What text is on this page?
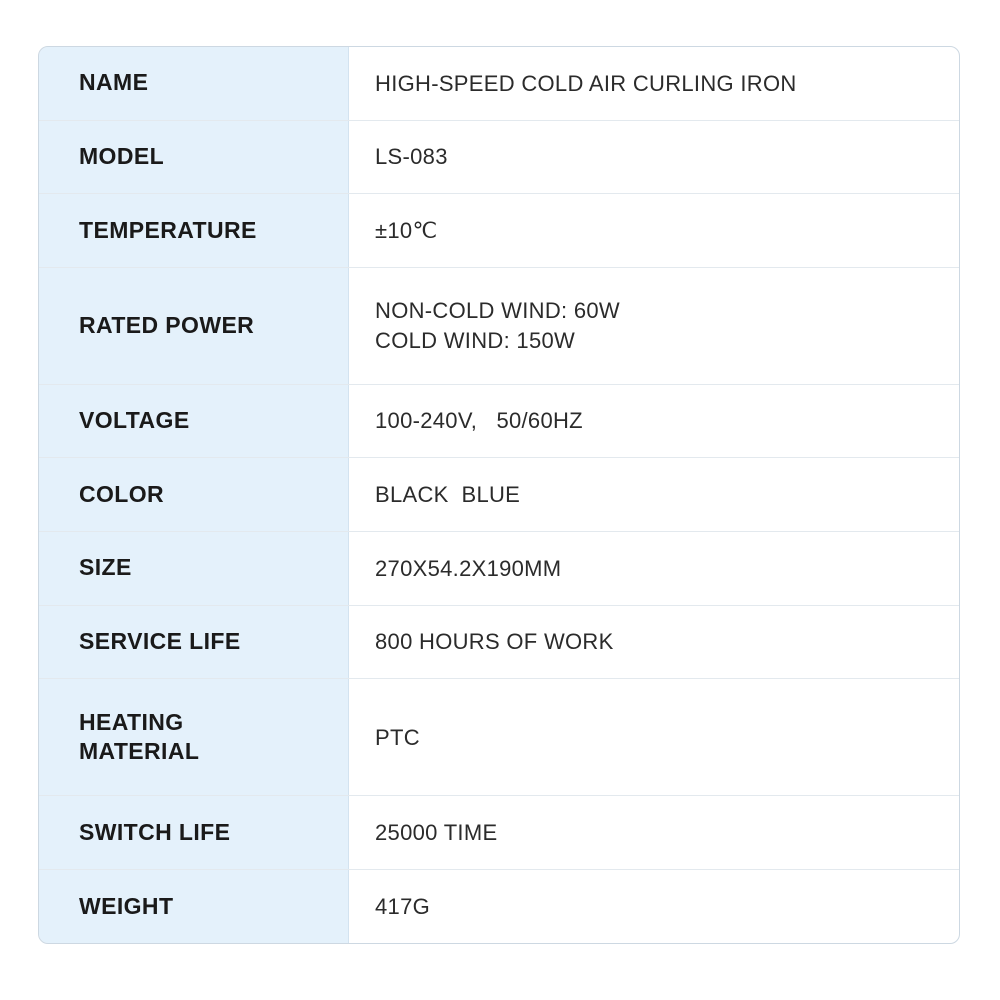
NAME	HIGH-SPEED COLD AIR CURLING IRON

MODEL	LS-083

TEMPERATURE	±10℃

RATED POWER	NON-COLD WIND: 60W
COLD WIND: 150W

VOLTAGE	100-240V,   50/60HZ

COLOR	BLACK  BLUE

SIZE	270X54.2X190MM

SERVICE LIFE	800 HOURS OF WORK

HEATING
MATERIAL	PTC

SWITCH LIFE	25000 TIME

WEIGHT	417G
